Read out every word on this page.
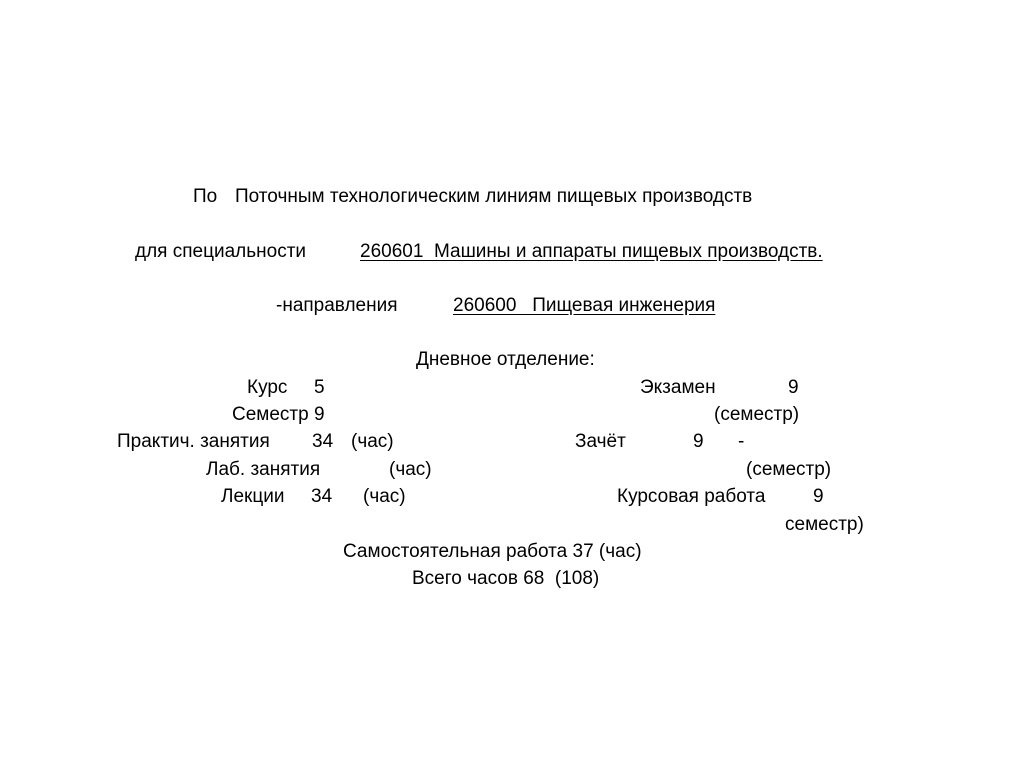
По Поточным технологическим линиям пищевых производств
для специальности	260601  Машины и аппараты пищевых производств.
-направления	260600   Пищевая инженерия
Дневное отделение:
Курс 5
Семестр 9
Практич. занятия 34 (час)
Лаб. занятия	(час)
Лекции 34 (час)
Экзамен	9
(семестр)
Зачёт	9 -
(семестр)
Курсовая работа	9
семестр)
Самостоятельная работа 37 (час)
Всего часов 68  (108)
